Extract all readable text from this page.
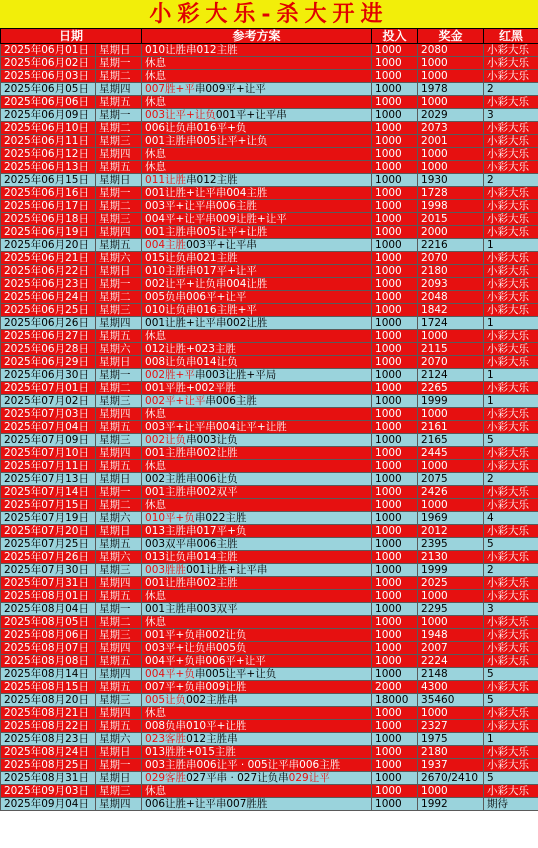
小彩大乐-杀大开进
日期		参考方案	投入	奖金	红黑
2025年06月01日	星期日	010让胜串012主胜	1000	2080	小彩大乐
2025年06月02日	星期一	休息	1000	1000	小彩大乐
2025年06月03日	星期二	休息	1000	1000	小彩大乐
2025年06月05日	星期四	007胜+平串009平+让平	1000	1978	2
2025年06月06日	星期五	休息	1000	1000	小彩大乐
2025年06月09日	星期一	003让平+让负001平+让平串	1000	2029	3
2025年06月10日	星期二	006让负串016平+负	1000	2073	小彩大乐
2025年06月11日	星期三	001主胜串005让平+让负	1000	2001	小彩大乐
2025年06月12日	星期四	休息	1000	1000	小彩大乐
2025年06月13日	星期五	休息	1000	1000	小彩大乐
2025年06月15日	星期日	011让胜串012主胜	1000	1930	2
2025年06月16日	星期一	001让胜+让平串004主胜	1000	1728	小彩大乐
2025年06月17日	星期二	003平+让平串006主胜	1000	1998	小彩大乐
2025年06月18日	星期三	004平+让平串009让胜+让平	1000	2015	小彩大乐
2025年06月19日	星期四	001主胜串005让平+让胜	1000	2000	小彩大乐
2025年06月20日	星期五	004主胜003平+让平串	1000	2216	1
2025年06月21日	星期六	015让负串021主胜	1000	2070	小彩大乐
2025年06月22日	星期日	010主胜串017平+让平	1000	2180	小彩大乐
2025年06月23日	星期一	002让平+让负串004让胜	1000	2093	小彩大乐
2025年06月24日	星期二	005负串006平+让平	1000	2048	小彩大乐
2025年06月25日	星期三	010让负串016主胜+平	1000	1842	小彩大乐
2025年06月26日	星期四	001让胜+让平串002让胜	1000	1724	1
2025年06月27日	星期五	休息	1000	1000	小彩大乐
2025年06月28日	星期六	012让胜+023主胜	1000	2115	小彩大乐
2025年06月29日	星期日	008让负串014让负	1000	2070	小彩大乐
2025年06月30日	星期一	002胜+平串003让胜+平局	1000	2124	1
2025年07月01日	星期二	001平胜+002平胜	1000	2265	小彩大乐
2025年07月02日	星期三	002平+让平串006主胜	1000	1999	1
2025年07月03日	星期四	休息	1000	1000	小彩大乐
2025年07月04日	星期五	003平+让平串004让平+让胜	1000	2161	小彩大乐
2025年07月09日	星期三	002让负串003让负	1000	2165	5
2025年07月10日	星期四	001主胜串002让胜	1000	2445	小彩大乐
2025年07月11日	星期五	休息	1000	1000	小彩大乐
2025年07月13日	星期日	002主胜串006让负	1000	2075	2
2025年07月14日	星期一	001主胜串002双平	1000	2426	小彩大乐
2025年07月15日	星期二	休息	1000	1000	小彩大乐
2025年07月19日	星期六	010平+负串022主胜	1000	1969	4
2025年07月20日	星期日	013主胜串017平+负	1000	2012	小彩大乐
2025年07月25日	星期五	003双平串006主胜	1000	2395	5
2025年07月26日	星期六	013让负串014主胜	1000	2130	小彩大乐
2025年07月30日	星期三	003胜胜001让胜+让平串	1000	1999	2
2025年07月31日	星期四	001让胜串002主胜	1000	2025	小彩大乐
2025年08月01日	星期五	休息	1000	1000	小彩大乐
2025年08月04日	星期一	001主胜串003双平	1000	2295	3
2025年08月05日	星期二	休息	1000	1000	小彩大乐
2025年08月06日	星期三	001平+负串002让负	1000	1948	小彩大乐
2025年08月07日	星期四	003平+让负串005负	1000	2007	小彩大乐
2025年08月08日	星期五	004平+负串006平+让平	1000	2224	小彩大乐
2025年08月14日	星期四	004平+负串005让平+让负	1000	2148	5
2025年08月15日	星期五	007平+负串009让胜	2000	4300	小彩大乐
2025年08月20日	星期三	005让负002主胜串	18000	35460	5
2025年08月21日	星期四	休息	1000	1000	小彩大乐
2025年08月22日	星期五	008负串010平+让胜	1000	2327	小彩大乐
2025年08月23日	星期六	023客胜012主胜串	1000	1975	1
2025年08月24日	星期日	013胜胜+015主胜	1000	2180	小彩大乐
2025年08月25日	星期一	003主胜串006让平 · 005让平串006主胜	1000	1937	小彩大乐
2025年08月31日	星期日	029客胜027平串 · 027让负串029让平	1000	2670/2410	5
2025年09月03日	星期三	休息	1000	1000	小彩大乐
2025年09月04日	星期四	006让胜+让平串007胜胜	1000	1992	期待
